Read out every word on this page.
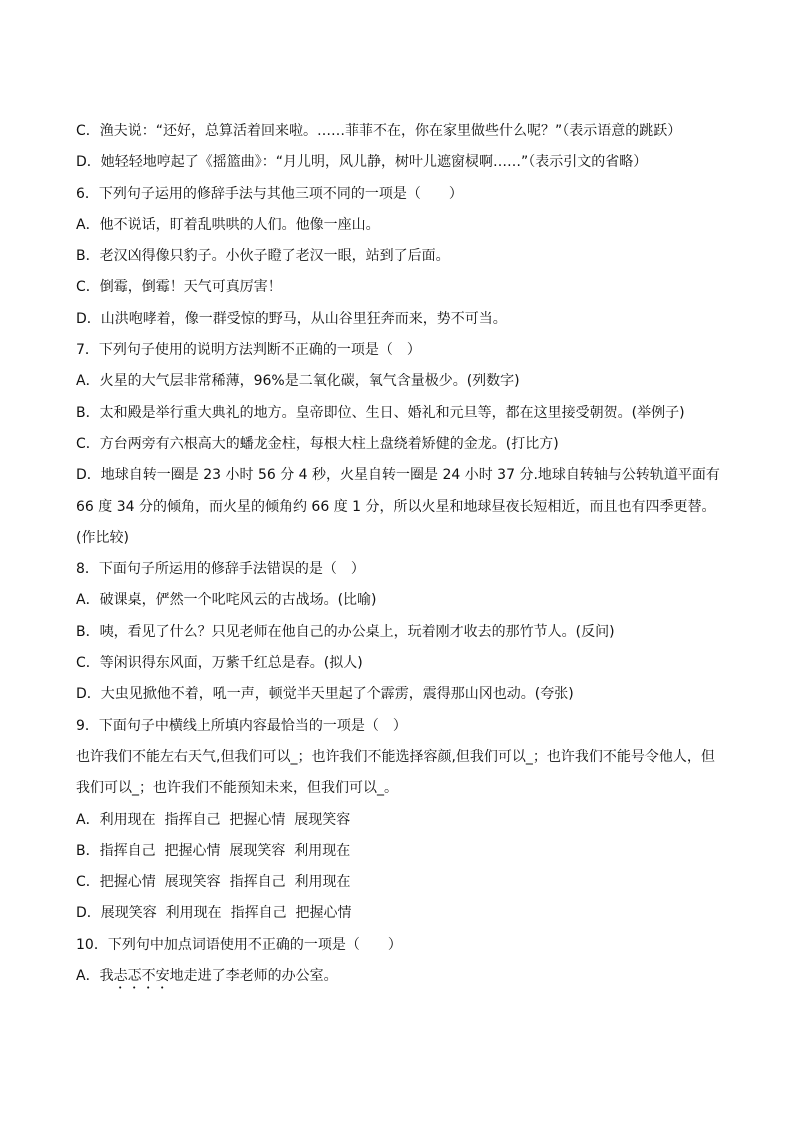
C．渔夫说：“还好，总算活着回来啦。……菲菲不在，你在家里做些什么呢？”（表示语意的跳跃）
D．她轻轻地哼起了《摇篮曲》：“月儿明，风儿静，树叶儿遮窗棂啊……”（表示引文的省略）
6．下列句子运用的修辞手法与其他三项不同的一项是（　　）
A．他不说话，盯着乱哄哄的人们。他像一座山。
B．老汉凶得像只豹子。小伙子瞪了老汉一眼，站到了后面。
C．倒霉，倒霉！天气可真厉害！
D．山洪咆哮着，像一群受惊的野马，从山谷里狂奔而来，势不可当。
7．下列句子使用的说明方法判断不正确的一项是（　）
A．火星的大气层非常稀薄，96%是二氧化碳，氧气含量极少。(列数字)
B．太和殿是举行重大典礼的地方。皇帝即位、生日、婚礼和元旦等，都在这里接受朝贺。(举例子)
C．方台两旁有六根高大的蟠龙金柱，每根大柱上盘绕着矫健的金龙。(打比方)
D．地球自转一圈是 23 小时 56 分 4 秒，火星自转一圈是 24 小时 37 分.地球自转轴与公转轨道平面有 66 度 34 分的倾角，而火星的倾角约 66 度 1 分，所以火星和地球昼夜长短相近，而且也有四季更替。(作比较)
8．下面句子所运用的修辞手法错误的是（　）
A．破课桌，俨然一个叱咤风云的古战场。(比喻)
B．咦，看见了什么？只见老师在他自己的办公桌上，玩着刚才收去的那竹节人。(反问)
C．等闲识得东风面，万紫千红总是春。(拟人)
D．大虫见掀他不着，吼一声，顿觉半天里起了个霹雳，震得那山冈也动。(夸张)
9．下面句子中横线上所填内容最恰当的一项是（　）
也许我们不能左右天气,但我们可以_；也许我们不能选择容颜,但我们可以_；也许我们不能号令他人，但我们可以_；也许我们不能预知未来，但我们可以_。
A．利用现在  指挥自己  把握心情  展现笑容
B．指挥自己  把握心情  展现笑容  利用现在
C．把握心情  展现笑容  指挥自己  利用现在
D．展现笑容  利用现在  指挥自己  把握心情
10．下列句中加点词语使用不正确的一项是（　　）
A．我忐忑不安地走进了李老师的办公室。
